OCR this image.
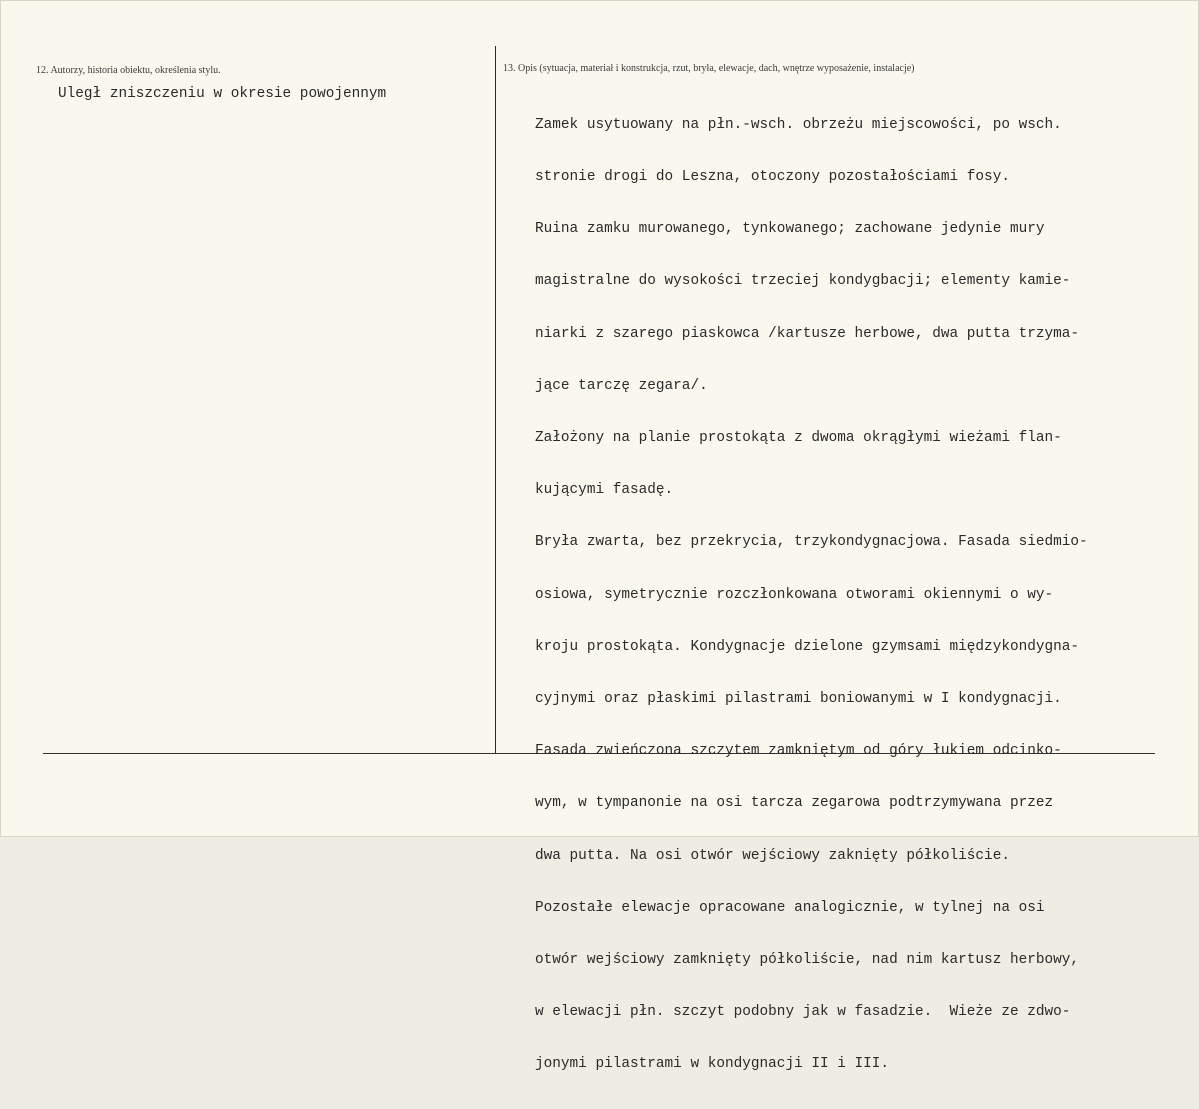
12. Autorzy, historia obiektu, określenia stylu.
Uległ zniszczeniu w okresie powojennym
13. Opis (sytuacja, materiał i konstrukcja, rzut, bryła, elewacje, dach, wnętrze wyposażenie, instalacje)

Zamek usytuowany na płn.-wsch. obrzeżu miejscowości, po wsch.

stronie drogi do Leszna, otoczony pozostałościami fosy.

Ruina zamku murowanego, tynkowanego; zachowane jedynie mury

magistralne do wysokości trzeciej kondygbacji; elementy kamie-

niarki z szarego piaskowca /kartusze herbowe, dwa putta trzyma-

jące tarczę zegara/.

Założony na planie prostokąta z dwoma okrągłymi wieżami flan-

kującymi fasadę.

Bryła zwarta, bez przekrycia, trzykondygnacjowa. Fasada siedmio-

osiowa, symetrycznie rozczłonkowana otworami okiennymi o wy-

kroju prostokąta. Kondygnacje dzielone gzymsami międzykondygna-

cyjnymi oraz płaskimi pilastrami boniowanymi w I kondygnacji.

Fasada zwieńczona szczytem zamkniętym od góry łukiem odcinko-

wym, w tympanonie na osi tarcza zegarowa podtrzymywana przez

dwa putta. Na osi otwór wejściowy zaknięty półkoliście.

Pozostałe elewacje opracowane analogicznie, w tylnej na osi

otwór wejściowy zamknięty półkoliście, nad nim kartusz herbowy,

w elewacji płn. szczyt podobny jak w fasadzie.  Wieże ze zdwo-

jonymi pilastrami w kondygnacji II i III.
